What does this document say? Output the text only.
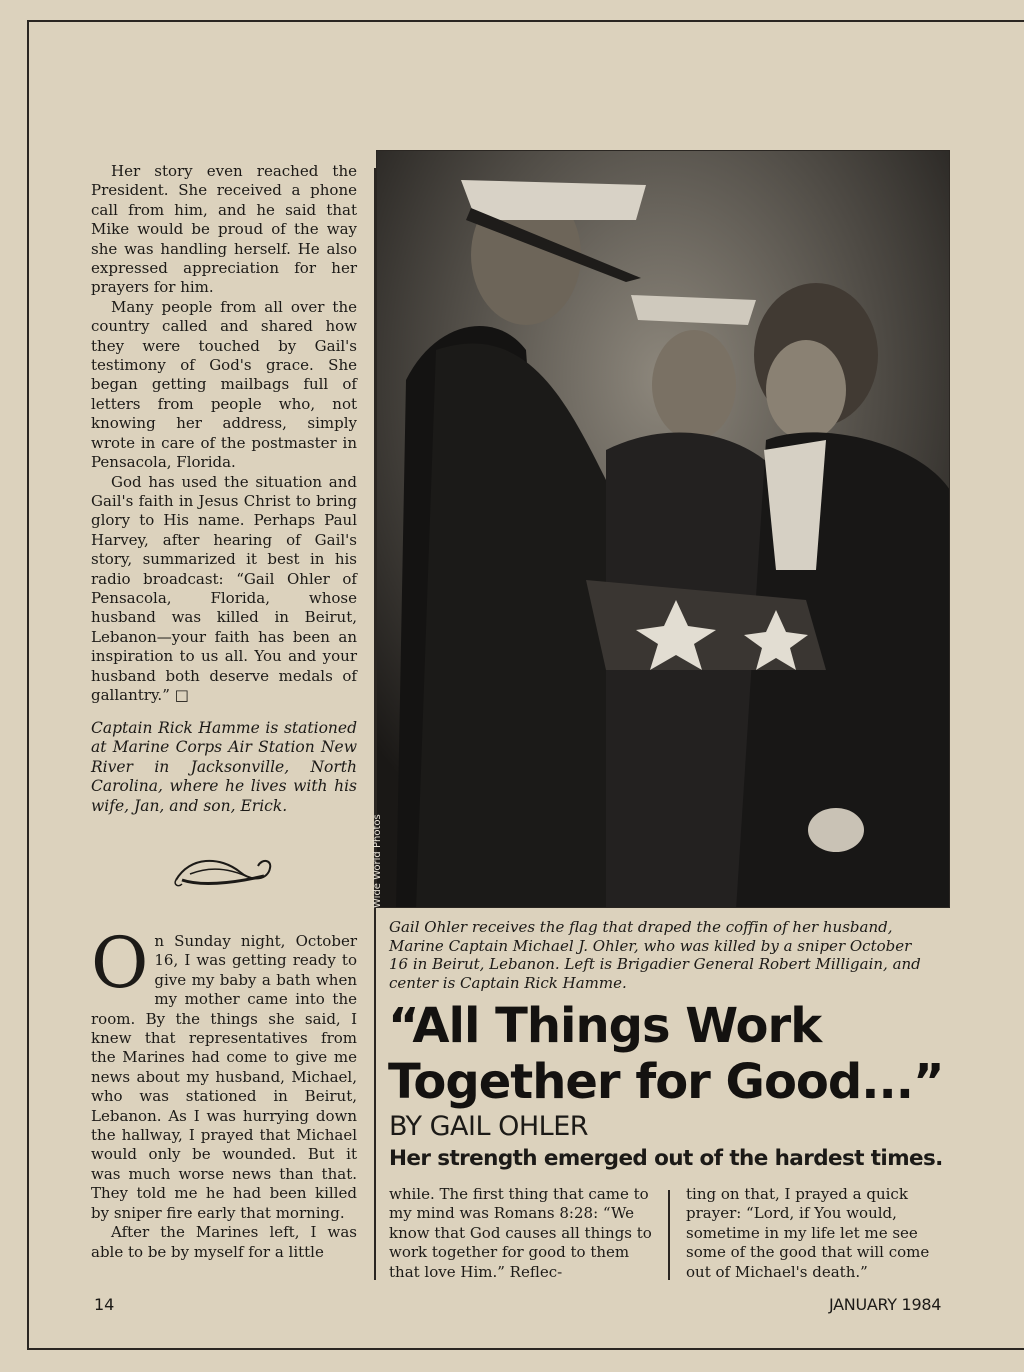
Her story even reached the President. She received a phone call from him, and he said that Mike would be proud of the way she was handling herself. He also expressed appreciation for her prayers for him.

Many people from all over the country called and shared how they were touched by Gail's testimony of God's grace. She began getting mailbags full of letters from people who, not knowing her address, simply wrote in care of the postmaster in Pensacola, Florida.

God has used the situation and Gail's faith in Jesus Christ to bring glory to His name. Perhaps Paul Harvey, after hearing of Gail's story, summarized it best in his radio broadcast: “Gail Ohler of Pensacola, Florida, whose husband was killed in Beirut, Lebanon—your faith has been an inspiration to us all. You and your husband both deserve medals of gallantry.” □

Captain Rick Hamme is stationed at Marine Corps Air Station New River in Jacksonville, North Carolina, where he lives with his wife, Jan, and son, Erick.

On Sunday night, October 16, I was getting ready to give my baby a bath when my mother came into the room. By the things she said, I knew that representatives from the Marines had come to give me news about my husband, Michael, who was stationed in Beirut, Lebanon. As I was hurrying down the hallway, I prayed that Michael would only be wounded. But it was much worse news than that. They told me he had been killed by sniper fire early that morning.

After the Marines left, I was able to be by myself for a little

Wide World Photos
Gail Ohler receives the flag that draped the coffin of her husband, Marine Captain Michael J. Ohler, who was killed by a sniper October 16 in Beirut, Lebanon. Left is Brigadier General Robert Milligain, and center is Captain Rick Hamme.
“All Things Work Together for Good...”
BY GAIL OHLER
Her strength emerged out of the hardest times.
while. The first thing that came to my mind was Romans 8:28: “We know that God causes all things to work together for good to them that love Him.” Reflec-
ting on that, I prayed a quick prayer: “Lord, if You would, sometime in my life let me see some of the good that will come out of Michael's death.”
14	JANUARY 1984
